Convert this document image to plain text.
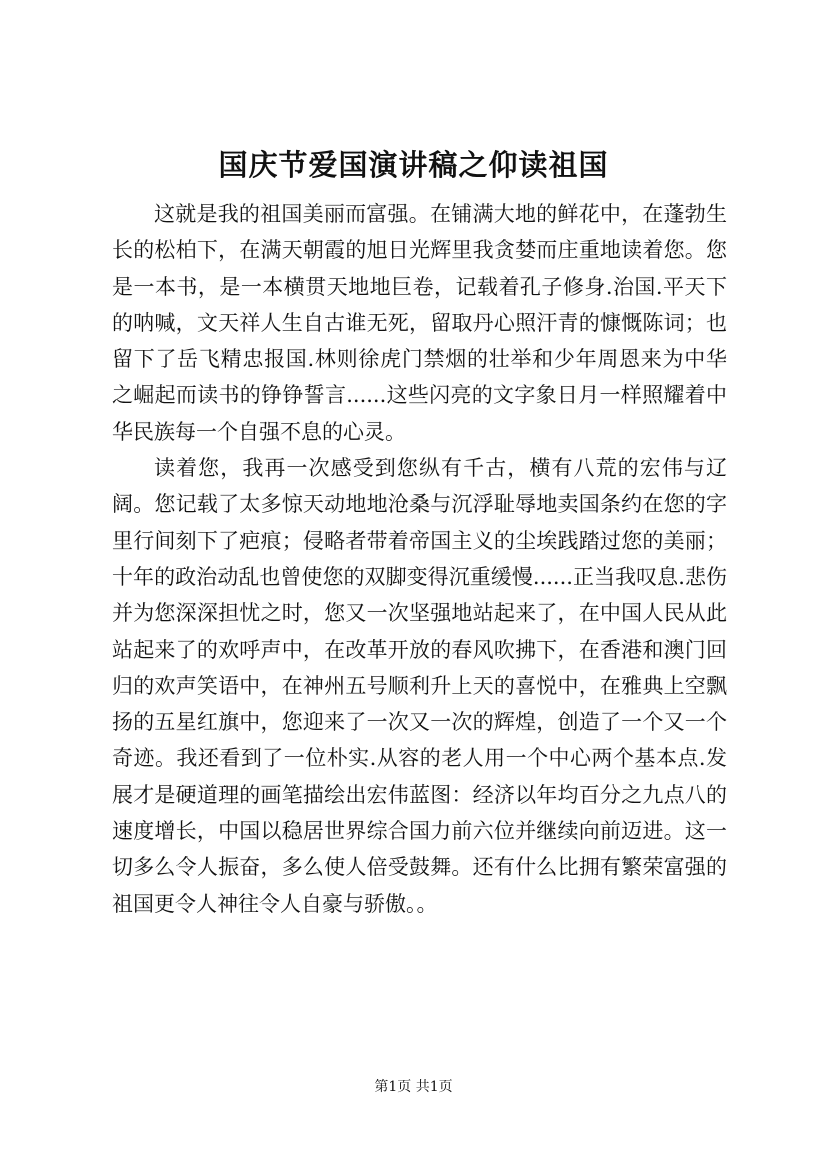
国庆节爱国演讲稿之仰读祖国

这就是我的祖国美丽而富强。在铺满大地的鲜花中，在蓬勃生长的松柏下，在满天朝霞的旭日光辉里我贪婪而庄重地读着您。您是一本书，是一本横贯天地地巨卷，记载着孔子修身.治国.平天下的呐喊，文天祥人生自古谁无死，留取丹心照汗青的慷慨陈词；也留下了岳飞精忠报国.林则徐虎门禁烟的壮举和少年周恩来为中华之崛起而读书的铮铮誓言......这些闪亮的文字象日月一样照耀着中华民族每一个自强不息的心灵。

读着您，我再一次感受到您纵有千古，横有八荒的宏伟与辽阔。您记载了太多惊天动地地沧桑与沉浮耻辱地卖国条约在您的字里行间刻下了疤痕；侵略者带着帝国主义的尘埃践踏过您的美丽；十年的政治动乱也曾使您的双脚变得沉重缓慢......正当我叹息.悲伤并为您深深担忧之时，您又一次坚强地站起来了，在中国人民从此站起来了的欢呼声中，在改革开放的春风吹拂下，在香港和澳门回归的欢声笑语中，在神州五号顺利升上天的喜悦中，在雅典上空飘扬的五星红旗中，您迎来了一次又一次的辉煌，创造了一个又一个奇迹。我还看到了一位朴实.从容的老人用一个中心两个基本点.发展才是硬道理的画笔描绘出宏伟蓝图：经济以年均百分之九点八的速度增长，中国以稳居世界综合国力前六位并继续向前迈进。这一切多么令人振奋，多么使人倍受鼓舞。还有什么比拥有繁荣富强的祖国更令人神往令人自豪与骄傲。。

第1页 共1页
